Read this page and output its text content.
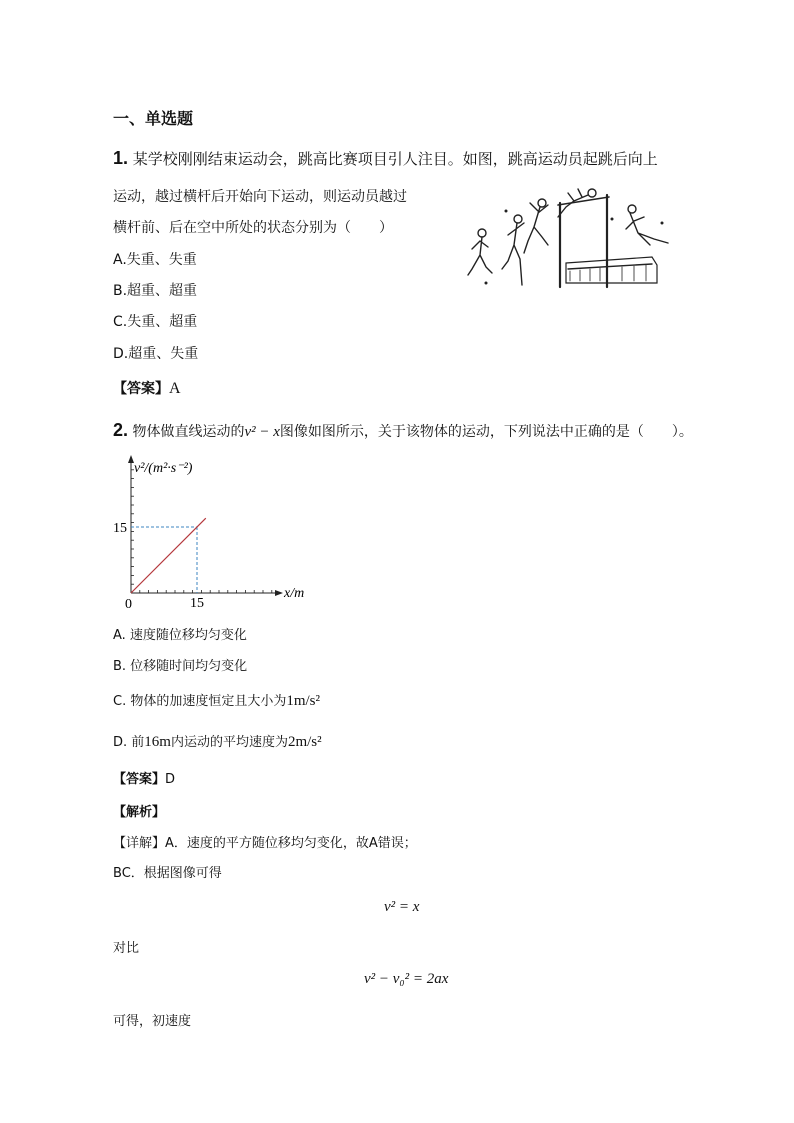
一、单选题
1. 某学校刚刚结束运动会，跳高比赛项目引人注目。如图，跳高运动员起跳后向上
运动，越过横杆后开始向下运动，则运动员越过
横杆前、后在空中所处的状态分别为（　　）
A.失重、失重
B.超重、超重
C.失重、超重
D.超重、失重
【答案】A
2. 物体做直线运动的v² − x图像如图所示，关于该物体的运动，下列说法中正确的是（　　）。
v²/(m²·s⁻²)
x/m
0	15
15
A. 速度随位移均匀变化
B. 位移随时间均匀变化
C. 物体的加速度恒定且大小为1m/s²
D. 前16m内运动的平均速度为2m/s²
【答案】D
【解析】
【详解】A．速度的平方随位移均匀变化，故A错误；
BC．根据图像可得
v² = x
对比
v² − v₀² = 2ax
可得，初速度
